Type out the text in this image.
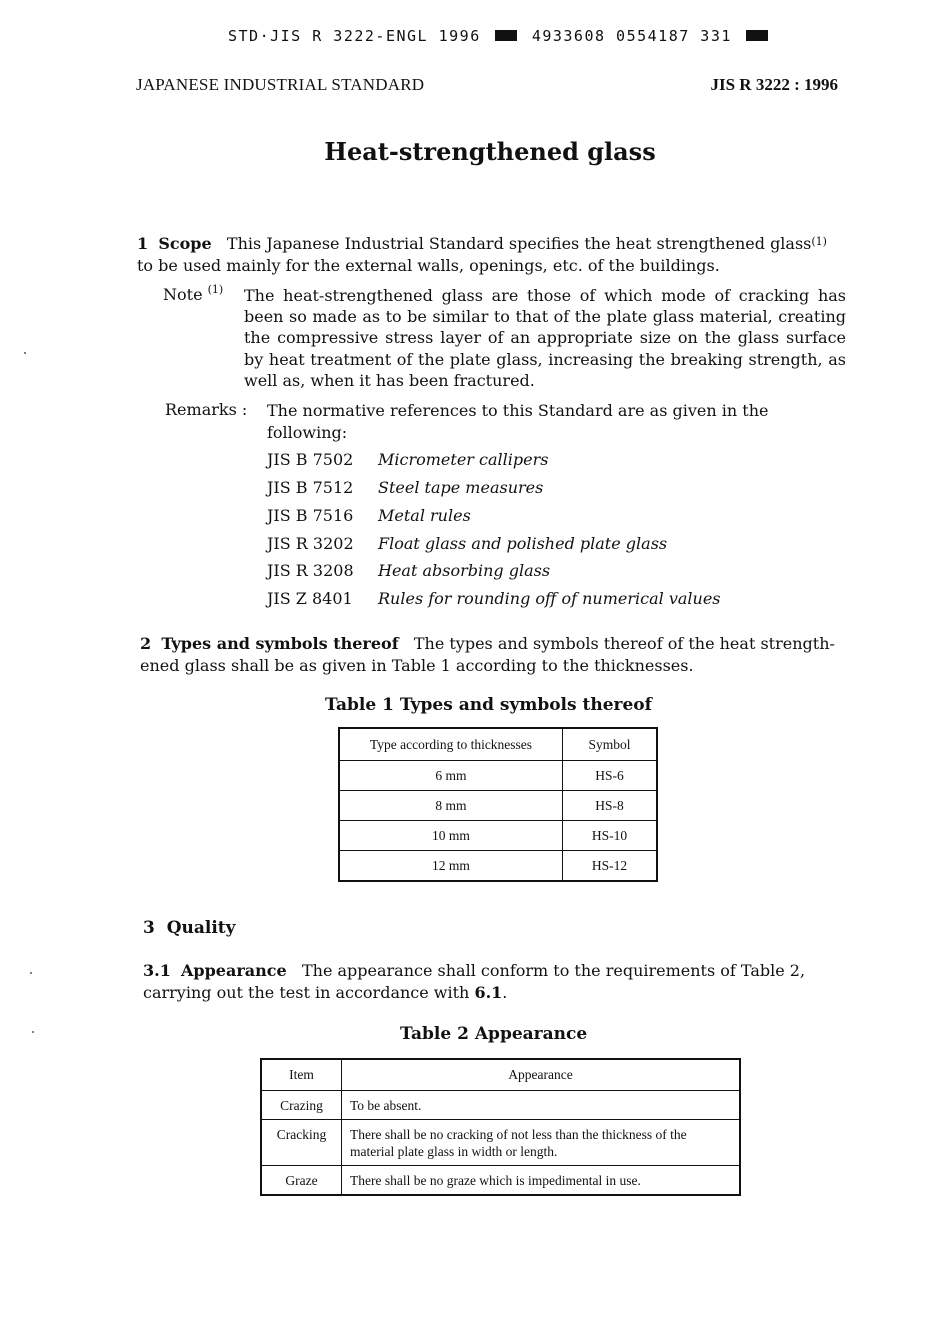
STD·JIS R 3222-ENGL 1996	4933608 0554187 331
JAPANESE INDUSTRIAL STANDARD	JIS R 3222 : 1996
Heat-strengthened glass
1 Scope This Japanese Industrial Standard specifies the heat strengthened glass$^{(1)}$
to be used mainly for the external walls, openings, etc. of the buildings.
Note $^{(1)}$ The heat-strengthened glass are those of which mode of cracking has been so made as to be similar to that of the plate glass material, creating the compressive stress layer of an appropriate size on the glass surface by heat treatment of the plate glass, increasing the breaking strength, as well as, when it has been fractured.
Remarks : The normative references to this Standard are as given in the following:
JIS B 7502 Micrometer callipers
JIS B 7512 Steel tape measures
JIS B 7516 Metal rules
JIS R 3202 Float glass and polished plate glass
JIS R 3208 Heat absorbing glass
JIS Z 8401 Rules for rounding off of numerical values
2 Types and symbols thereof The types and symbols thereof of the heat strength-
ened glass shall be as given in Table 1 according to the thicknesses.
Table 1 Types and symbols thereof
Type according to thicknesses	Symbol
6 mm	HS-6
8 mm	HS-8
10 mm	HS-10
12 mm	HS-12
3 Quality
3.1 Appearance The appearance shall conform to the requirements of Table 2,
carrying out the test in accordance with 6.1.
Table 2 Appearance
Item	Appearance
Crazing	To be absent.
Cracking	There shall be no cracking of not less than the thickness of the material plate glass in width or length.
Graze	There shall be no graze which is impedimental in use.
